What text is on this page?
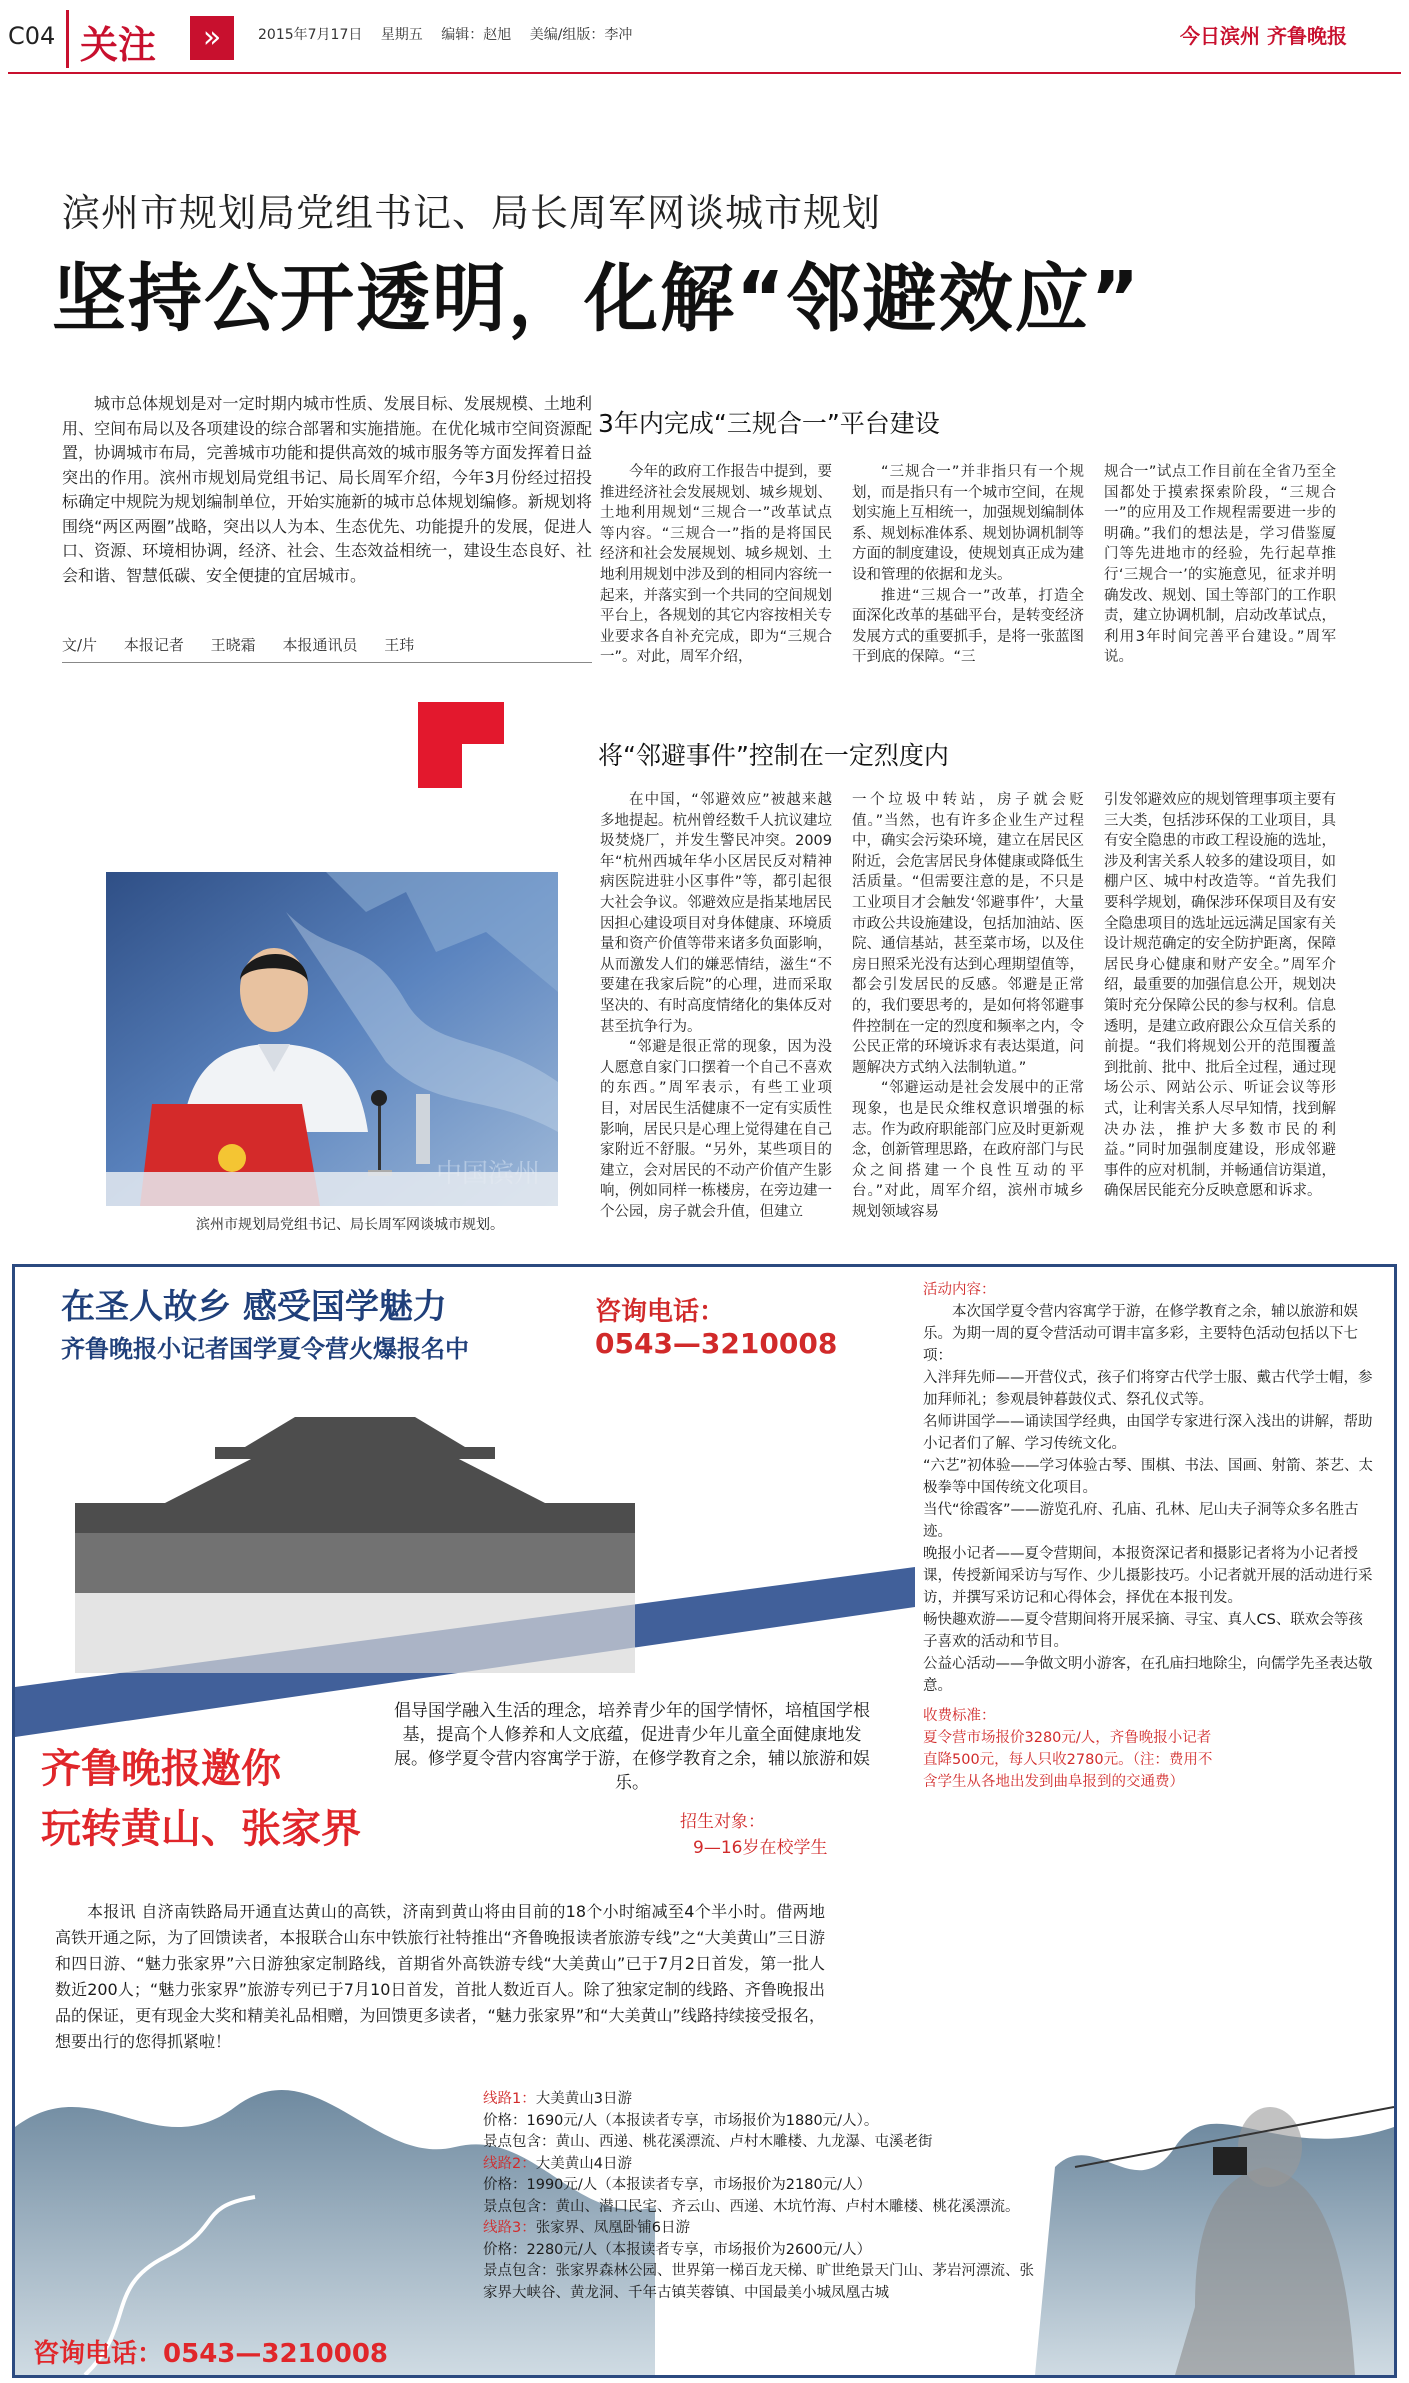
C04 关注	»	2015年7月17日 星期五 编辑：赵旭 美编/组版：李冲	今日滨州 齐鲁晚报
滨州市规划局党组书记、局长周军网谈城市规划
坚持公开透明，化解“邻避效应”
城市总体规划是对一定时期内城市性质、发展目标、发展规模、土地利用、空间布局以及各项建设的综合部署和实施措施。在优化城市空间资源配置，协调城市布局，完善城市功能和提供高效的城市服务等方面发挥着日益突出的作用。滨州市规划局党组书记、局长周军介绍，今年3月份经过招投标确定中规院为规划编制单位，开始实施新的城市总体规划编修。新规划将围绕“两区两圈”战略，突出以人为本、生态优先、功能提升的发展，促进人口、资源、环境相协调，经济、社会、生态效益相统一，建设生态良好、社会和谐、智慧低碳、安全便捷的宜居城市。
文/片 本报记者 王晓霜 本报通讯员 王玮
3年内完成“三规合一”平台建设

今年的政府工作报告中提到，要推进经济社会发展规划、城乡规划、土地利用规划“三规合一”改革试点等内容。“三规合一”指的是将国民经济和社会发展规划、城乡规划、土地利用规划中涉及到的相同内容统一起来，并落实到一个共同的空间规划平台上，各规划的其它内容按相关专业要求各自补充完成，即为“三规合一”。对此，周军介绍，

“三规合一”并非指只有一个规划，而是指只有一个城市空间，在规划实施上互相统一，加强规划编制体系、规划标准体系、规划协调机制等方面的制度建设，使规划真正成为建设和管理的依据和龙头。

推进“三规合一”改革，打造全面深化改革的基础平台，是转变经济发展方式的重要抓手，是将一张蓝图干到底的保障。“三

规合一”试点工作目前在全省乃至全国都处于摸索探索阶段，“三规合一”的应用及工作规程需要进一步的明确。”我们的想法是，学习借鉴厦门等先进地市的经验，先行起草推行‘三规合一’的实施意见，征求并明确发改、规划、国土等部门的工作职责，建立协调机制，启动改革试点，利用3年时间完善平台建设。”周军说。

将“邻避事件”控制在一定烈度内

在中国，“邻避效应”被越来越多地提起。杭州曾经数千人抗议建垃圾焚烧厂，并发生警民冲突。2009年“杭州西城年华小区居民反对精神病医院进驻小区事件”等，都引起很大社会争议。邻避效应是指某地居民因担心建设项目对身体健康、环境质量和资产价值等带来诸多负面影响，从而激发人们的嫌恶情结，滋生“不要建在我家后院”的心理，进而采取坚决的、有时高度情绪化的集体反对甚至抗争行为。

“邻避是很正常的现象，因为没人愿意自家门口摆着一个自己不喜欢的东西。”周军表示，有些工业项目，对居民生活健康不一定有实质性影响，居民只是心理上觉得建在自己家附近不舒服。“另外，某些项目的建立，会对居民的不动产价值产生影响，例如同样一栋楼房，在旁边建一个公园，房子就会升值，但建立

一个垃圾中转站，房子就会贬值。”当然，也有许多企业生产过程中，确实会污染环境，建立在居民区附近，会危害居民身体健康或降低生活质量。“但需要注意的是，不只是工业项目才会触发‘邻避事件’，大量市政公共设施建设，包括加油站、医院、通信基站，甚至菜市场，以及住房日照采光没有达到心理期望值等，都会引发居民的反感。邻避是正常的，我们要思考的，是如何将邻避事件控制在一定的烈度和频率之内，令公民正常的环境诉求有表达渠道，问题解决方式纳入法制轨道。”

“邻避运动是社会发展中的正常现象，也是民众维权意识增强的标志。作为政府职能部门应及时更新观念，创新管理思路，在政府部门与民众之间搭建一个良性互动的平台。”对此，周军介绍，滨州市城乡规划领域容易

引发邻避效应的规划管理事项主要有三大类，包括涉环保的工业项目，具有安全隐患的市政工程设施的选址，涉及利害关系人较多的建设项目，如棚户区、城中村改造等。“首先我们要科学规划，确保涉环保项目及有安全隐患项目的选址远远满足国家有关设计规范确定的安全防护距离，保障居民身心健康和财产安全。”周军介绍，最重要的加强信息公开，规划决策时充分保障公民的参与权利。信息透明，是建立政府跟公众互信关系的前提。“我们将规划公开的范围覆盖到批前、批中、批后全过程，通过现场公示、网站公示、听证会议等形式，让利害关系人尽早知情，找到解决办法，推护大多数市民的利益。”同时加强制度建设，形成邻避事件的应对机制，并畅通信访渠道，确保居民能充分反映意愿和诉求。

滨州市规划局党组书记、局长周军网谈城市规划。
在圣人故乡 感受国学魅力
齐鲁晚报小记者国学夏令营火爆报名中
咨询电话：
0543—3210008
倡导国学融入生活的理念，培养青少年的国学情怀，培植国学根基，提高个人修养和人文底蕴，促进青少年儿童全面健康地发展。修学夏令营内容寓学于游，在修学教育之余，辅以旅游和娱乐。
招生对象：
9—16岁在校学生
活动内容：
本次国学夏令营内容寓学于游，在修学教育之余，辅以旅游和娱乐。为期一周的夏令营活动可谓丰富多彩，主要特色活动包括以下七项：
入泮拜先师——开营仪式，孩子们将穿古代学士服、戴古代学士帽，参加拜师礼；参观晨钟暮鼓仪式、祭孔仪式等。
名师讲国学——诵读国学经典，由国学专家进行深入浅出的讲解，帮助小记者们了解、学习传统文化。
“六艺”初体验——学习体验古琴、围棋、书法、国画、射箭、茶艺、太极拳等中国传统文化项目。
当代“徐霞客”——游览孔府、孔庙、孔林、尼山夫子洞等众多名胜古迹。
晚报小记者——夏令营期间，本报资深记者和摄影记者将为小记者授课，传授新闻采访与写作、少儿摄影技巧。小记者就开展的活动进行采访，并撰写采访记和心得体会，择优在本报刊发。
畅快趣欢游——夏令营期间将开展采摘、寻宝、真人CS、联欢会等孩子喜欢的活动和节目。
公益心活动——争做文明小游客，在孔庙扫地除尘，向儒学先圣表达敬意。
收费标准：
夏令营市场报价3280元/人，齐鲁晚报小记者直降500元，每人只收2780元。（注：费用不含学生从各地出发到曲阜报到的交通费）
齐鲁晚报邀你
玩转黄山、张家界
本报讯 自济南铁路局开通直达黄山的高铁，济南到黄山将由目前的18个小时缩减至4个半小时。借两地高铁开通之际，为了回馈读者，本报联合山东中铁旅行社特推出“齐鲁晚报读者旅游专线”之“大美黄山”三日游和四日游、“魅力张家界”六日游独家定制路线，首期省外高铁游专线“大美黄山”已于7月2日首发，第一批人数近200人；“魅力张家界”旅游专列已于7月10日首发，首批人数近百人。除了独家定制的线路、齐鲁晚报出品的保证，更有现金大奖和精美礼品相赠，为回馈更多读者，“魅力张家界”和“大美黄山”线路持续接受报名，想要出行的您得抓紧啦！
线路1：大美黄山3日游
价格：1690元/人（本报读者专享，市场报价为1880元/人）。
景点包含：黄山、西递、桃花溪漂流、卢村木雕楼、九龙瀑、屯溪老街
线路2：大美黄山4日游
价格：1990元/人（本报读者专享，市场报价为2180元/人）
景点包含：黄山、潜口民宅、齐云山、西递、木坑竹海、卢村木雕楼、桃花溪漂流。
线路3：张家界、凤凰卧铺6日游
价格：2280元/人（本报读者专享，市场报价为2600元/人）
景点包含：张家界森林公园、世界第一梯百龙天梯、旷世绝景天门山、茅岩河漂流、张家界大峡谷、黄龙洞、千年古镇芙蓉镇、中国最美小城凤凰古城
咨询电话：0543—3210008
